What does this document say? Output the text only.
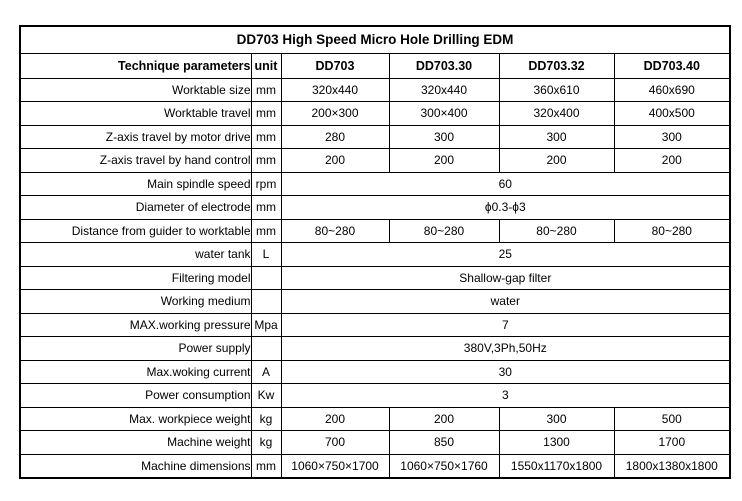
DD703 High Speed Micro Hole Drilling EDM					
Technique parameters	unit	DD703	DD703.30	DD703.32	DD703.40
Worktable size	mm	320x440	320x440	360x610	460x690
Worktable travel	mm	200×300	300×400	320x400	400x500
Z-axis travel by motor drive	mm	280	300	300	300
Z-axis travel by hand control	mm	200	200	200	200
Main spindle speed	rpm	60			
Diameter of electrode	mm	ϕ0.3-ϕ3			
Distance from guider to worktable	mm	80~280	80~280	80~280	80~280
water tank	L	25			
Filtering model		Shallow-gap filter			
Working medium		water			
MAX.working pressure	Mpa	7			
Power supply		380V,3Ph,50Hz			
Max.woking current	A	30			
Power consumption	Kw	3			
Max. workpiece weight	kg	200	200	300	500
Machine weight	kg	700	850	1300	1700
Machine dimensions	mm	1060×750×1700	1060×750×1760	1550x1170x1800	1800x1380x1800
